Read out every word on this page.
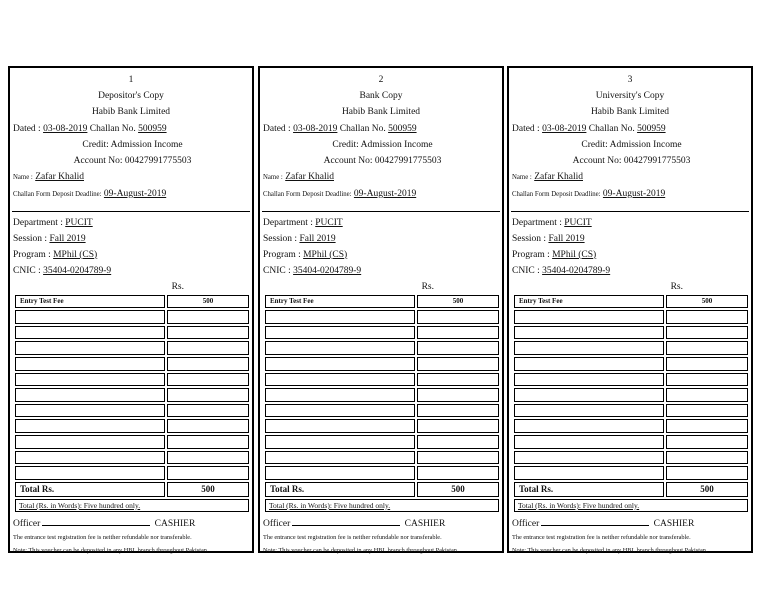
1
Depositor's Copy
Habib Bank Limited
Dated : 03-08-2019 Challan No. 500959
Credit: Admission Income
Account No: 00427991775503
Name : Zafar Khalid
Challan Form Deposit Deadline: 09-August-2019
Department : PUCIT
Session : Fall 2019
Program : MPhil (CS)
CNIC : 35404-0204789-9
Rs.
Entry Test Fee	500

Total Rs.	500
Total (Rs. in Words): Five hundred only.
Officer	CASHIER
The entrance test registration fee is neither refundable nor transferable.
Note: This voucher can be deposited in any HBL branch throughout Pakistan.
2
Bank Copy
Habib Bank Limited
Dated : 03-08-2019 Challan No. 500959
Credit: Admission Income
Account No: 00427991775503
Name : Zafar Khalid
Challan Form Deposit Deadline: 09-August-2019
Department : PUCIT
Session : Fall 2019
Program : MPhil (CS)
CNIC : 35404-0204789-9
Rs.
Entry Test Fee	500

Total Rs.	500
Total (Rs. in Words): Five hundred only.
Officer	CASHIER
The entrance test registration fee is neither refundable nor transferable.
Note: This voucher can be deposited in any HBL branch throughout Pakistan.
3
University's Copy
Habib Bank Limited
Dated : 03-08-2019 Challan No. 500959
Credit: Admission Income
Account No: 00427991775503
Name : Zafar Khalid
Challan Form Deposit Deadline: 09-August-2019
Department : PUCIT
Session : Fall 2019
Program : MPhil (CS)
CNIC : 35404-0204789-9
Rs.
Entry Test Fee	500

Total Rs.	500
Total (Rs. in Words): Five hundred only.
Officer	CASHIER
The entrance test registration fee is neither refundable nor transferable.
Note: This voucher can be deposited in any HBL branch throughout Pakistan.
